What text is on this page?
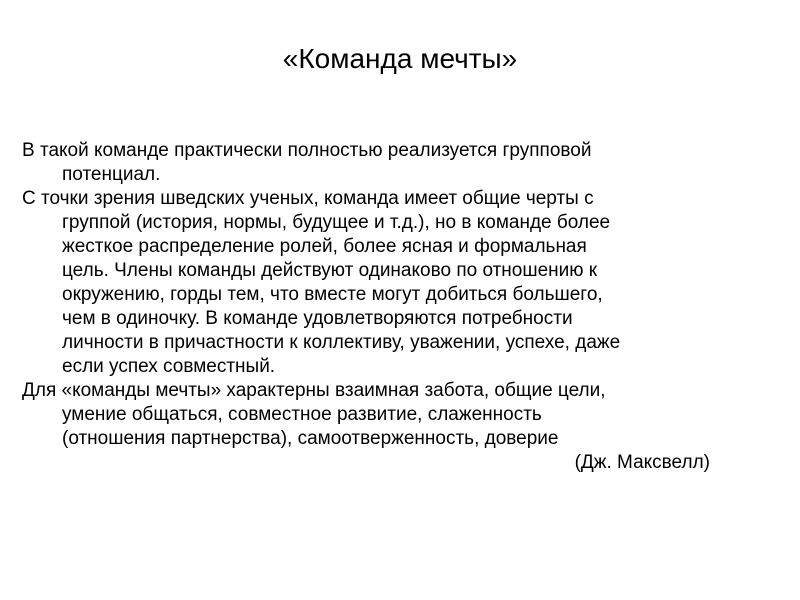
«Команда мечты»

В такой команде практически полностью реализуется групповой
потенциал.

С точки зрения шведских ученых, команда имеет общие черты с
группой (история, нормы, будущее и т.д.), но в команде более
жесткое распределение ролей, более ясная и формальная
цель. Члены команды действуют одинаково по отношению к
окружению, горды тем, что вместе могут добиться большего,
чем в одиночку. В команде удовлетворяются потребности
личности в причастности к коллективу, уважении, успехе, даже
если успех совместный.

Для «команды мечты» характерны взаимная забота, общие цели,
умение общаться, совместное развитие, слаженность
(отношения партнерства), самоотверженность, доверие

(Дж. Максвелл)
